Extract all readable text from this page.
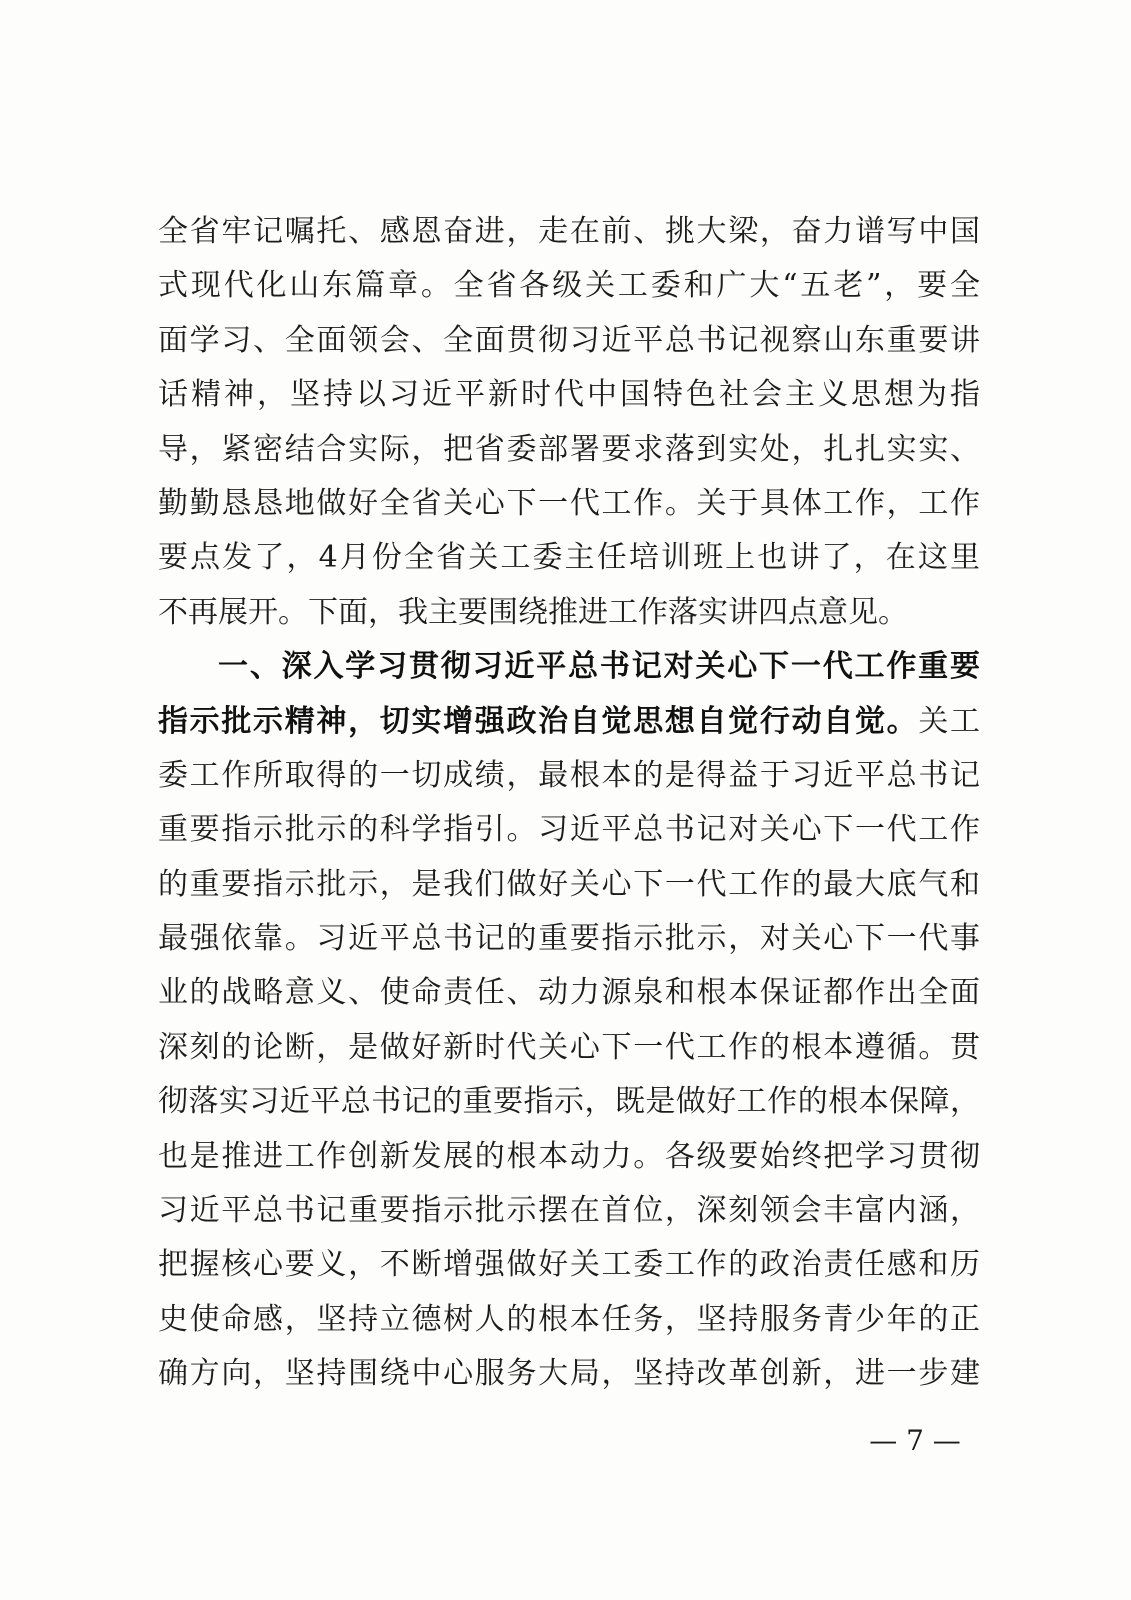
全省牢记嘱托、感恩奋进，走在前、挑大梁，奋力谱写中国
式现代化山东篇章。全省各级关工委和广大“五老”，要全
面学习、全面领会、全面贯彻习近平总书记视察山东重要讲
话精神，坚持以习近平新时代中国特色社会主义思想为指
导，紧密结合实际，把省委部署要求落到实处，扎扎实实、
勤勤恳恳地做好全省关心下一代工作。关于具体工作，工作
要点发了，4月份全省关工委主任培训班上也讲了，在这里
不再展开。下面，我主要围绕推进工作落实讲四点意见。
一、深入学习贯彻习近平总书记对关心下一代工作重要
指示批示精神，切实增强政治自觉思想自觉行动自觉。关工
委工作所取得的一切成绩，最根本的是得益于习近平总书记
重要指示批示的科学指引。习近平总书记对关心下一代工作
的重要指示批示，是我们做好关心下一代工作的最大底气和
最强依靠。习近平总书记的重要指示批示，对关心下一代事
业的战略意义、使命责任、动力源泉和根本保证都作出全面
深刻的论断，是做好新时代关心下一代工作的根本遵循。贯
彻落实习近平总书记的重要指示，既是做好工作的根本保障，
也是推进工作创新发展的根本动力。各级要始终把学习贯彻
习近平总书记重要指示批示摆在首位，深刻领会丰富内涵，
把握核心要义，不断增强做好关工委工作的政治责任感和历
史使命感，坚持立德树人的根本任务，坚持服务青少年的正
确方向，坚持围绕中心服务大局，坚持改革创新，进一步建
— 7 —
